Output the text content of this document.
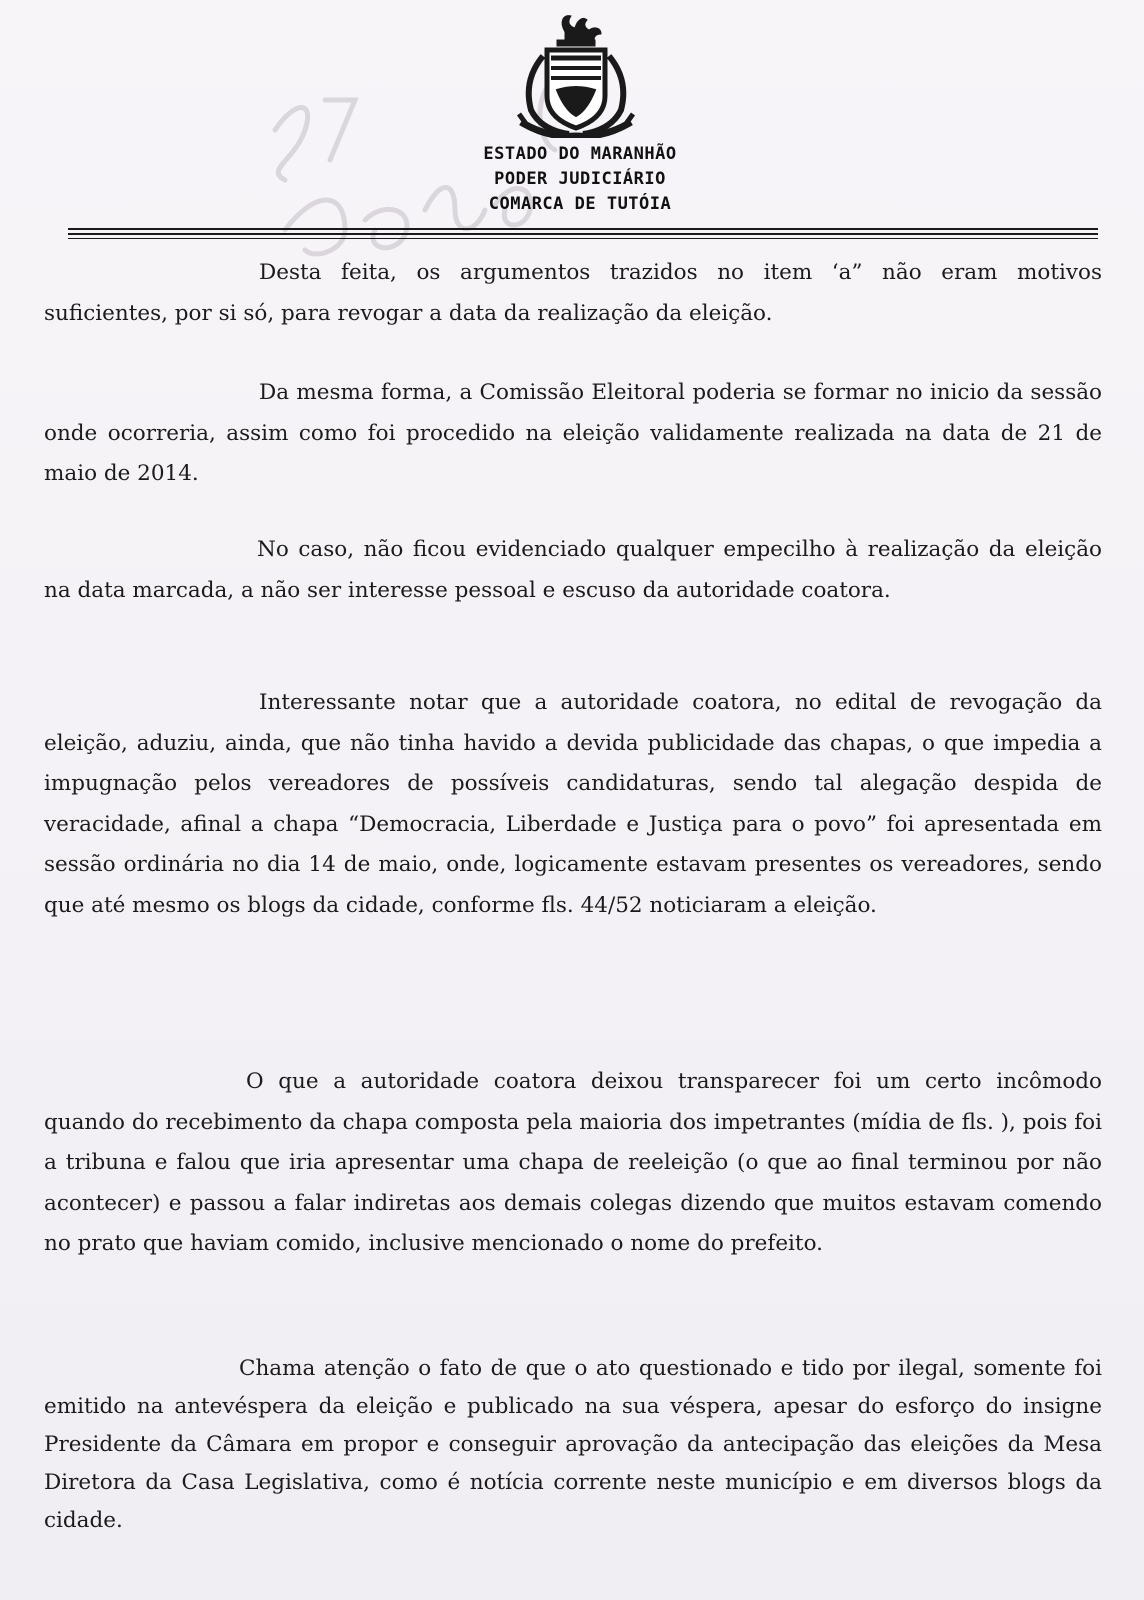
ESTADO DO MARANHÃO
PODER JUDICIÁRIO
COMARCA DE TUTÓIA

Desta feita, os argumentos trazidos no item ‘a” não eram motivos suficientes, por si só, para revogar a data da realização da eleição.

Da mesma forma, a Comissão Eleitoral poderia se formar no inicio da sessão onde ocorreria, assim como foi procedido na eleição validamente realizada na data de 21 de maio de 2014.

No caso, não ficou evidenciado qualquer empecilho à realização da eleição na data marcada, a não ser interesse pessoal e escuso da autoridade coatora.

Interessante notar que a autoridade coatora, no edital de revogação da eleição, aduziu, ainda, que não tinha havido a devida publicidade das chapas, o que impedia a impugnação pelos vereadores de possíveis candidaturas, sendo tal alegação despida de veracidade, afinal a chapa “Democracia, Liberdade e Justiça para o povo” foi apresentada em sessão ordinária no dia 14 de maio, onde, logicamente estavam presentes os vereadores, sendo que até mesmo os blogs da cidade, conforme fls. 44/52 noticiaram a eleição.

O que a autoridade coatora deixou transparecer foi um certo incômodo quando do recebimento da chapa composta pela maioria dos impetrantes (mídia de fls. ), pois foi a tribuna e falou que iria apresentar uma chapa de reeleição (o que ao final terminou por não acontecer) e passou a falar indiretas aos demais colegas dizendo que muitos estavam comendo no prato que haviam comido, inclusive mencionado o nome do prefeito.

Chama atenção o fato de que o ato questionado e tido por ilegal, somente foi emitido na antevéspera da eleição e publicado na sua véspera, apesar do esforço do insigne Presidente da Câmara em propor e conseguir aprovação da antecipação das eleições da Mesa Diretora da Casa Legislativa, como é notícia corrente neste município e em diversos blogs da cidade.
